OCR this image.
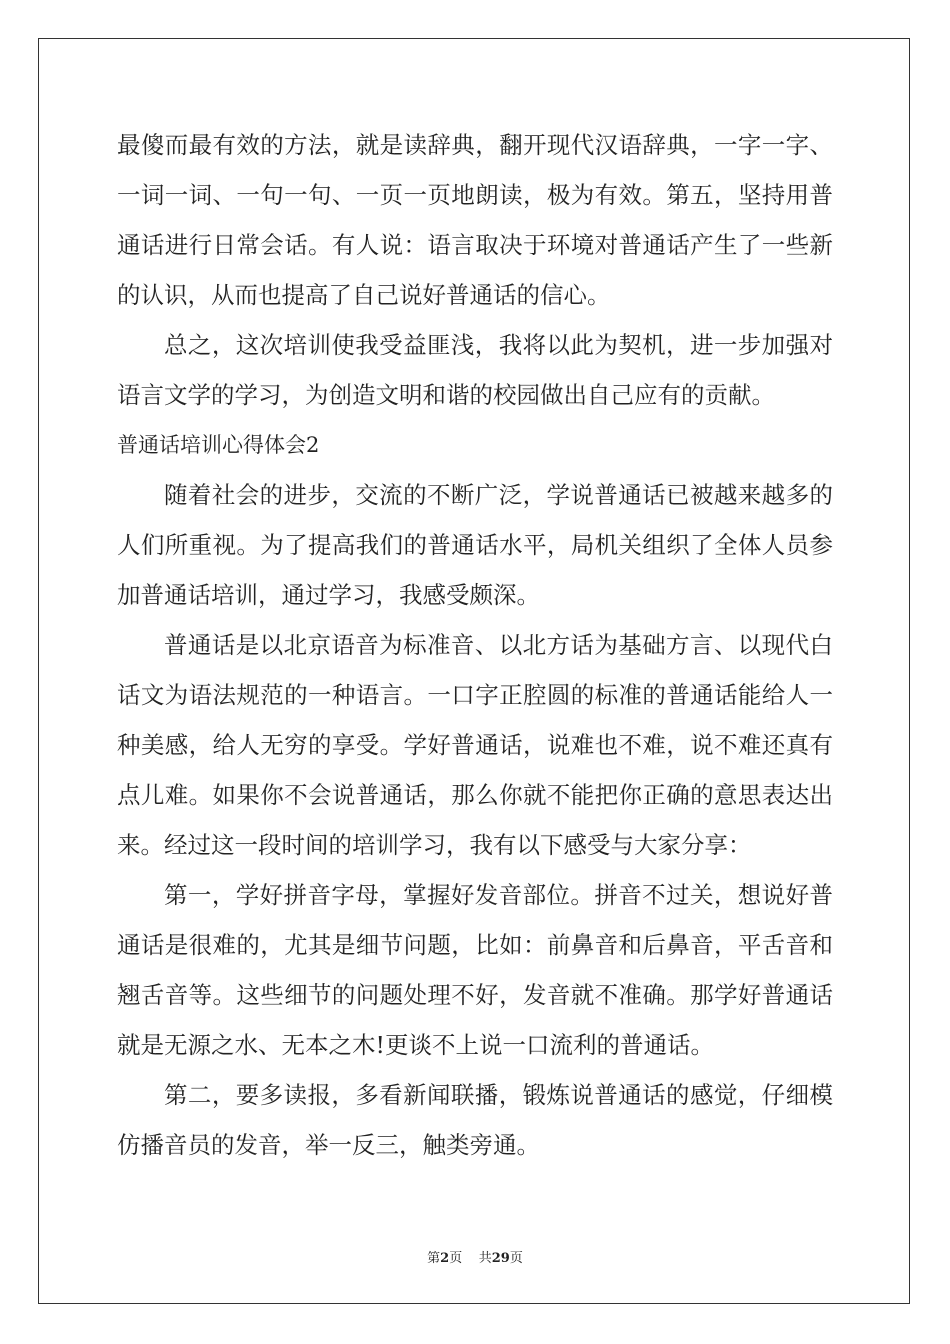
最傻而最有效的方法，就是读辞典，翻开现代汉语辞典，一字一字、一词一词、一句一句、一页一页地朗读，极为有效。第五，坚持用普通话进行日常会话。有人说：语言取决于环境对普通话产生了一些新的认识，从而也提高了自己说好普通话的信心。

总之，这次培训使我受益匪浅，我将以此为契机，进一步加强对语言文学的学习，为创造文明和谐的校园做出自己应有的贡献。

普通话培训心得体会2

随着社会的进步，交流的不断广泛，学说普通话已被越来越多的人们所重视。为了提高我们的普通话水平，局机关组织了全体人员参加普通话培训，通过学习，我感受颇深。

普通话是以北京语音为标准音、以北方话为基础方言、以现代白话文为语法规范的一种语言。一口字正腔圆的标准的普通话能给人一种美感，给人无穷的享受。学好普通话，说难也不难，说不难还真有点儿难。如果你不会说普通话，那么你就不能把你正确的意思表达出来。经过这一段时间的培训学习，我有以下感受与大家分享：

第一，学好拼音字母，掌握好发音部位。拼音不过关，想说好普通话是很难的，尤其是细节问题，比如：前鼻音和后鼻音，平舌音和翘舌音等。这些细节的问题处理不好，发音就不准确。那学好普通话就是无源之水、无本之木!更谈不上说一口流利的普通话。

第二，要多读报，多看新闻联播，锻炼说普通话的感觉，仔细模仿播音员的发音，举一反三，触类旁通。

第2页 共29页
